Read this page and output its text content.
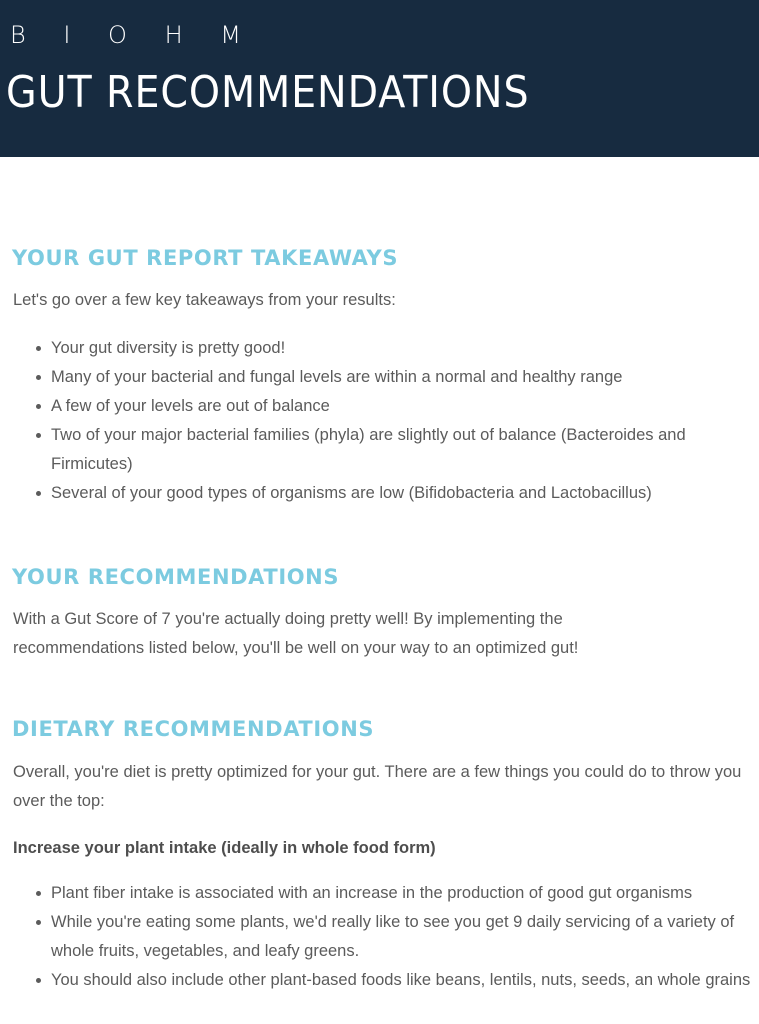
B I O H M
GUT RECOMMENDATIONS
YOUR GUT REPORT TAKEAWAYS

Let's go over a few key takeaways from your results:

Your gut diversity is pretty good!
Many of your bacterial and fungal levels are within a normal and healthy range
A few of your levels are out of balance
Two of your major bacterial families (phyla) are slightly out of balance (Bacteroides and Firmicutes)
Several of your good types of organisms are low (Bifidobacteria and Lactobacillus)
YOUR RECOMMENDATIONS

With a Gut Score of 7 you're actually doing pretty well! By implementing the recommendations listed below, you'll be well on your way to an optimized gut!

DIETARY RECOMMENDATIONS

Overall, you're diet is pretty optimized for your gut. There are a few things you could do to throw you over the top:

Increase your plant intake (ideally in whole food form)
Plant fiber intake is associated with an increase in the production of good gut organisms
While you're eating some plants, we'd really like to see you get 9 daily servicing of a variety of whole fruits, vegetables, and leafy greens.
You should also include other plant-based foods like beans, lentils, nuts, seeds, an whole grains
